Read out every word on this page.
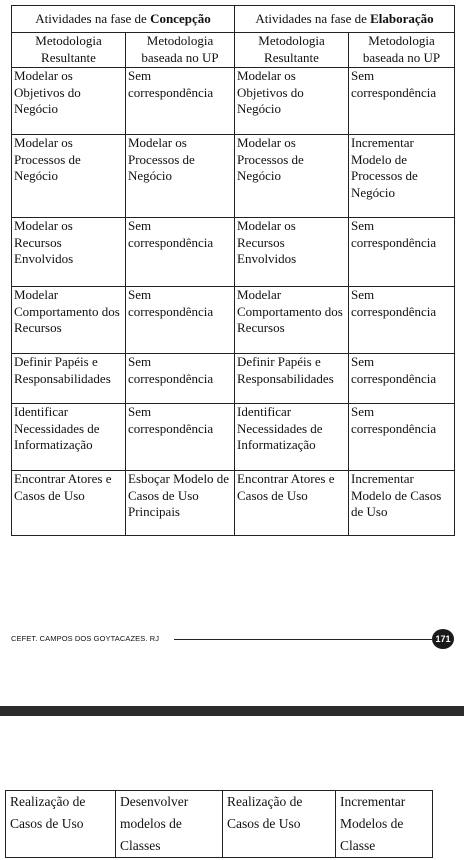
Atividades na fase de Concepção		Atividades na fase de Elaboração	
Metodologia Resultante	Metodologia baseada no UP	Metodologia Resultante	Metodologia baseada no UP
Modelar os Objetivos do Negócio	Sem correspondência	Modelar os Objetivos do Negócio	Sem correspondência
Modelar os Processos de Negócio	Modelar os Processos de Negócio	Modelar os Processos de Negócio	Incrementar Modelo de Processos de Negócio
Modelar os Recursos Envolvidos	Sem correspondência	Modelar os Recursos Envolvidos	Sem correspondência
Modelar Comportamento dos Recursos	Sem correspondência	Modelar Comportamento dos Recursos	Sem correspondência
Definir Papéis e Responsabilidades	Sem correspondência	Definir Papéis e Responsabilidades	Sem correspondência
Identificar Necessidades de Informatização	Sem correspondência	Identificar Necessidades de Informatização	Sem correspondência
Encontrar Atores e Casos de Uso	Esboçar Modelo de Casos de Uso Principais	Encontrar Atores e Casos de Uso	Incrementar Modelo de Casos de Uso
CEFET. CAMPOS DOS GOYTACAZES. RJ	171
Realização de Casos de Uso	Desenvolver modelos de Classes	Realização de Casos de Uso	Incrementar Modelos de Classe
